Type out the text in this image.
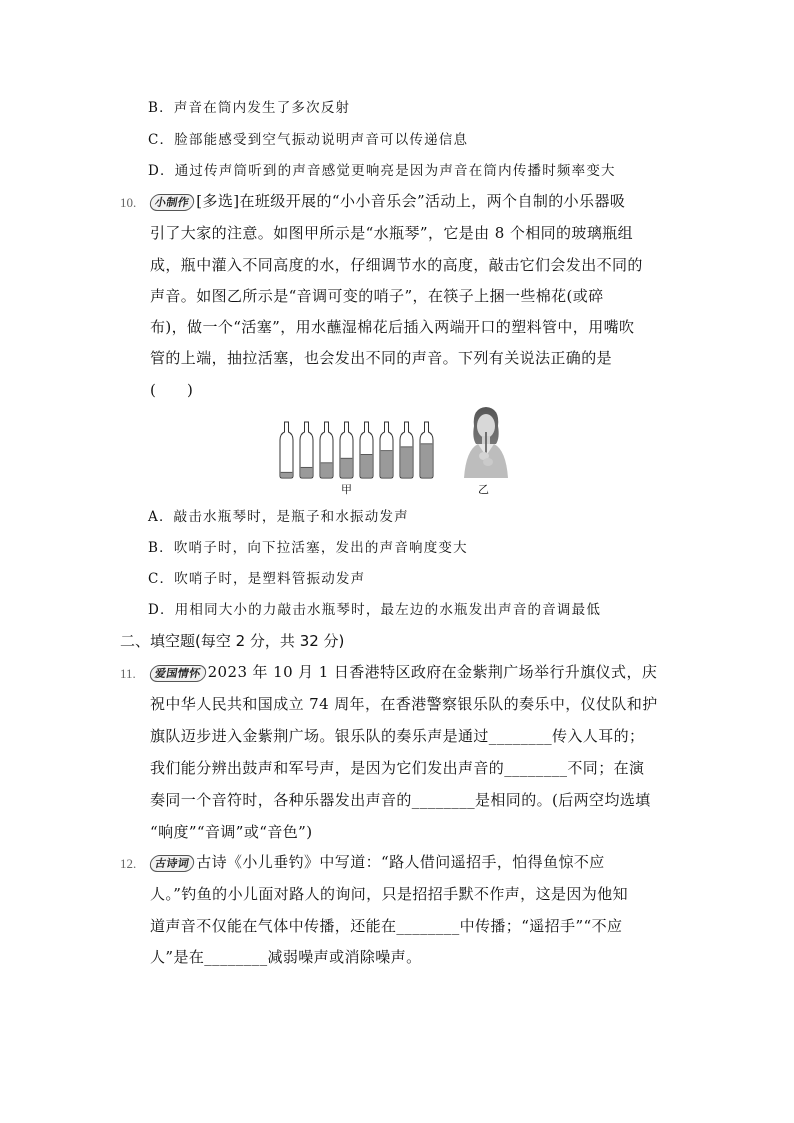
B．声音在筒内发生了多次反射
C．脸部能感受到空气振动说明声音可以传递信息
D．通过传声筒听到的声音感觉更响亮是因为声音在筒内传播时频率变大
10.	小制作 [多选]在班级开展的“小小音乐会”活动上，两个自制的小乐器吸
引了大家的注意。如图甲所示是“水瓶琴”，它是由 8 个相同的玻璃瓶组
成，瓶中灌入不同高度的水，仔细调节水的高度，敲击它们会发出不同的
声音。如图乙所示是“音调可变的哨子”，在筷子上捆一些棉花(或碎
布)，做一个“活塞”，用水蘸湿棉花后插入两端开口的塑料管中，用嘴吹
管的上端，抽拉活塞，也会发出不同的声音。下列有关说法正确的是
(　　)
甲	乙
A．敲击水瓶琴时，是瓶子和水振动发声
B．吹哨子时，向下拉活塞，发出的声音响度变大
C．吹哨子时，是塑料管振动发声
D．用相同大小的力敲击水瓶琴时，最左边的水瓶发出声音的音调最低
二、填空题(每空 2 分，共 32 分)
11.	爱国情怀 2023 年 10 月 1 日香港特区政府在金紫荆广场举行升旗仪式，庆
祝中华人民共和国成立 74 周年，在香港警察银乐队的奏乐中，仪仗队和护
旗队迈步进入金紫荆广场。银乐队的奏乐声是通过________传入人耳的；
我们能分辨出鼓声和军号声，是因为它们发出声音的________不同；在演
奏同一个音符时，各种乐器发出声音的________是相同的。(后两空均选填
“响度”“音调”或“音色”)
12.	古诗词 古诗《小儿垂钓》中写道：“路人借问遥招手，怕得鱼惊不应
人。”钓鱼的小儿面对路人的询问，只是招招手默不作声，这是因为他知
道声音不仅能在气体中传播，还能在________中传播；“遥招手”“不应
人”是在________减弱噪声或消除噪声。
